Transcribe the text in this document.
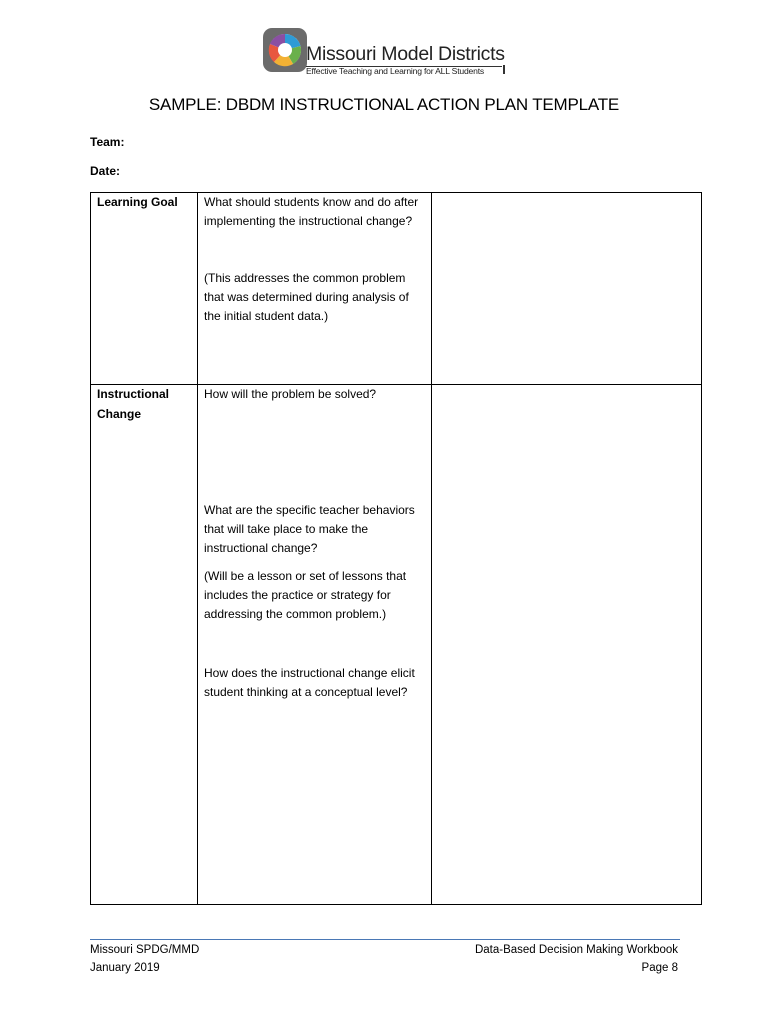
Missouri Model Districts
Effective Teaching and Learning for ALL Students
SAMPLE: DBDM INSTRUCTIONAL ACTION PLAN TEMPLATE
Team:
Date:
Learning Goal	What should students know and do after implementing the instructional change?

(This addresses the common problem that was determined during analysis of the initial student data.)	

Instructional Change	How will the problem be solved?

What are the specific teacher behaviors that will take place to make the instructional change?

(Will be a lesson or set of lessons that includes the practice or strategy for addressing the common problem.)

How does the instructional change elicit student thinking at a conceptual level?	

Missouri SPDG/MMD
January 2019
Data-Based Decision Making Workbook
Page 8
